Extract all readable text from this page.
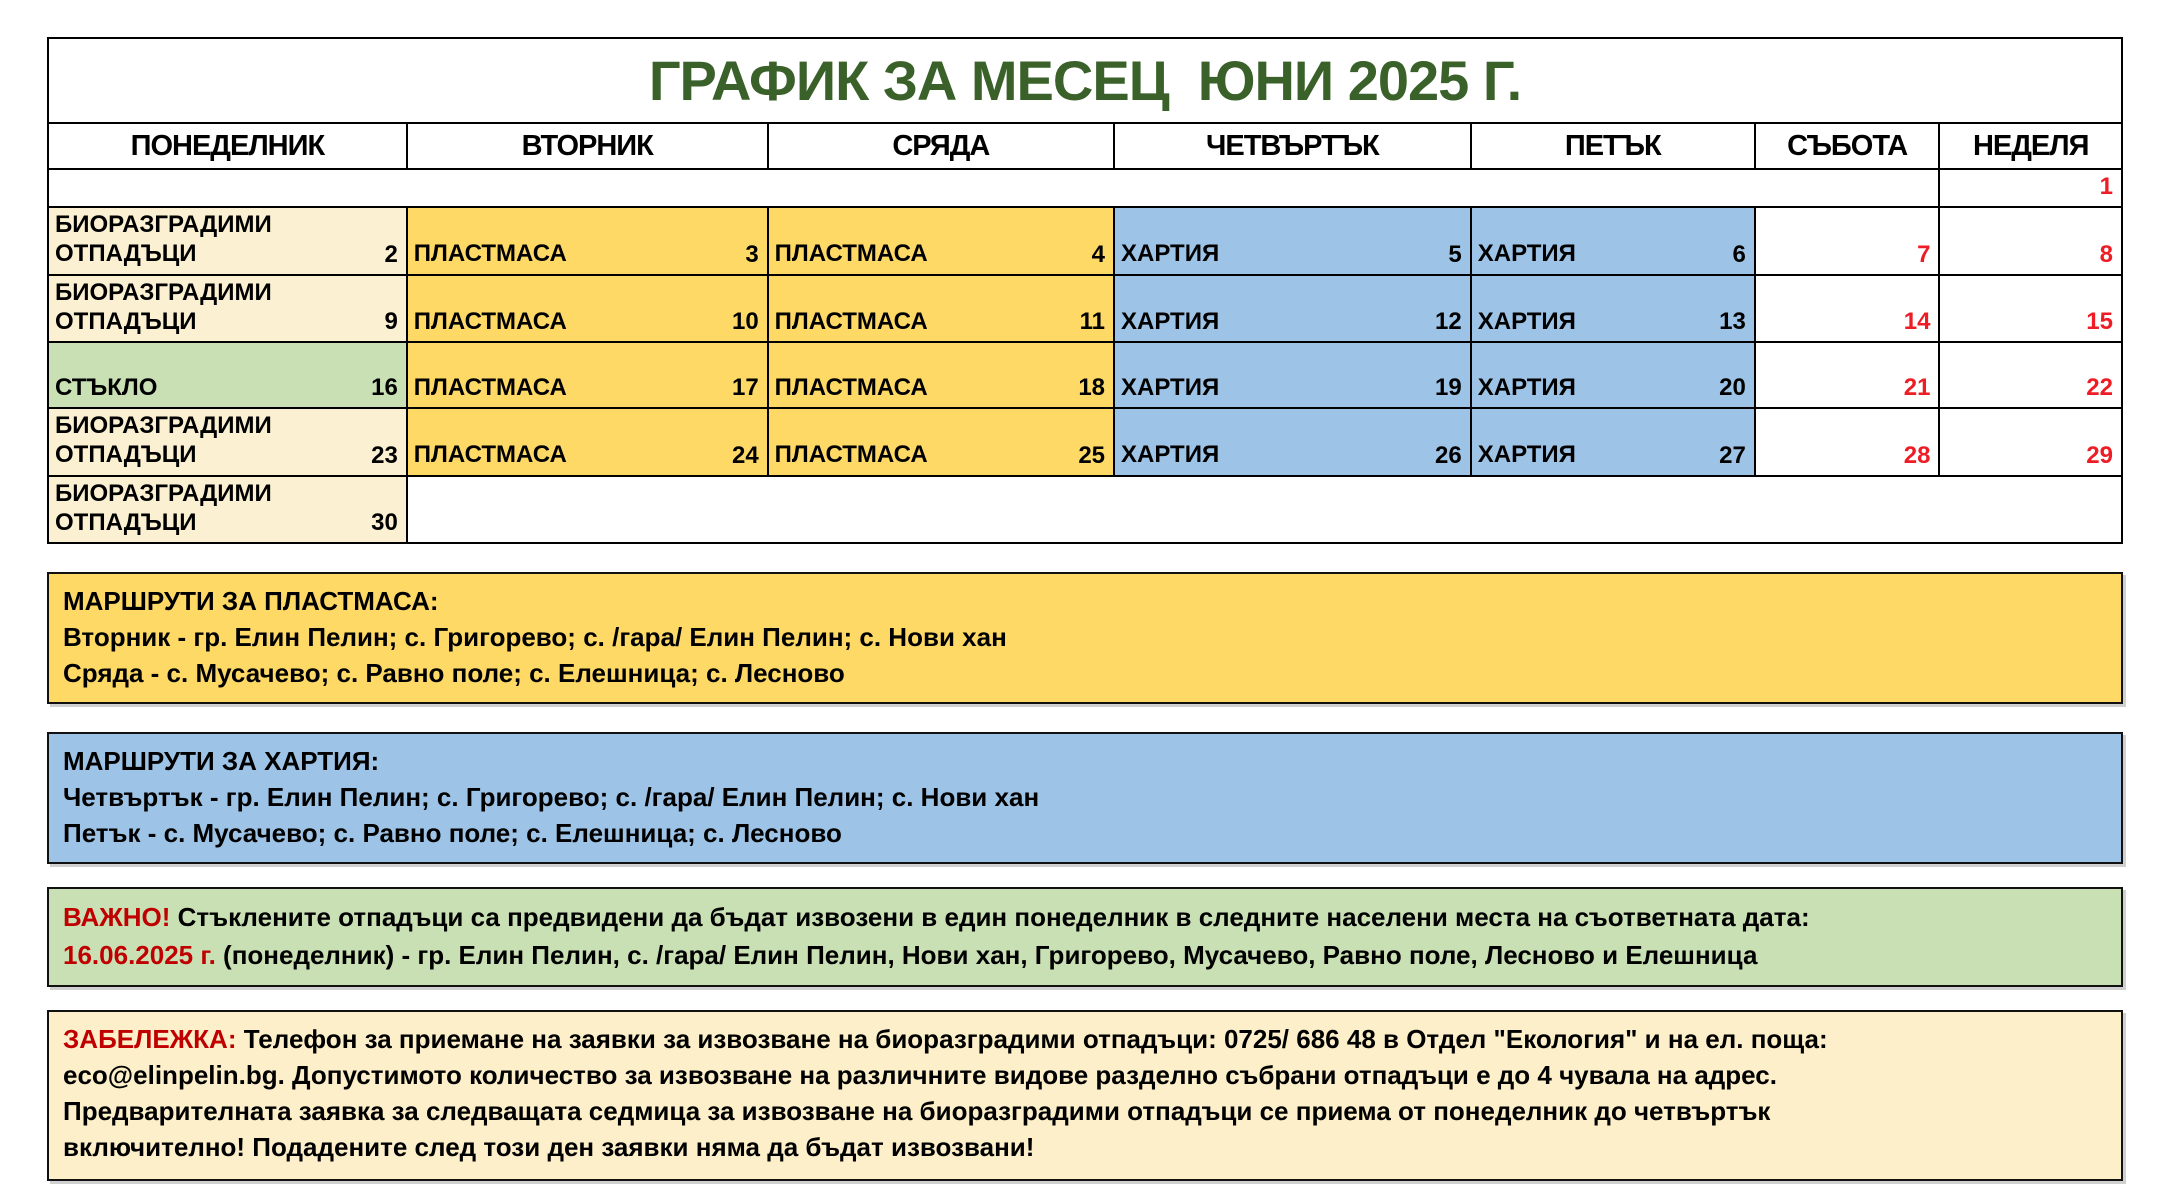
ГРАФИК ЗА МЕСЕЦ  ЮНИ 2025 Г.						
ПОНЕДЕЛНИК	ВТОРНИК	СРЯДА	ЧЕТВЪРТЪК	ПЕТЪК	СЪБОТА	НЕДЕЛЯ

						1

БИОРАЗГРАДИМИ ОТПАДЪЦИ 2	ПЛАСТМАСА 3	ПЛАСТМАСА 4	ХАРТИЯ 5	ХАРТИЯ 6	7	8

БИОРАЗГРАДИМИ ОТПАДЪЦИ 9	ПЛАСТМАСА 10	ПЛАСТМАСА 11	ХАРТИЯ 12	ХАРТИЯ 13	14	15

СТЪКЛО 16	ПЛАСТМАСА 17	ПЛАСТМАСА 18	ХАРТИЯ 19	ХАРТИЯ 20	21	22

БИОРАЗГРАДИМИ ОТПАДЪЦИ 23	ПЛАСТМАСА 24	ПЛАСТМАСА 25	ХАРТИЯ 26	ХАРТИЯ 27	28	29

БИОРАЗГРАДИМИ ОТПАДЪЦИ 30						

МАРШРУТИ ЗА ПЛАСТМАСА:
Вторник - гр. Елин Пелин; с. Григорево; с. /гара/ Елин Пелин; с. Нови хан
Сряда - с. Мусачево; с. Равно поле; с. Елешница; с. Лесново
МАРШРУТИ ЗА ХАРТИЯ:
Четвъртък - гр. Елин Пелин; с. Григорево; с. /гара/ Елин Пелин; с. Нови хан
Петък - с. Мусачево; с. Равно поле; с. Елешница; с. Лесново
ВАЖНО! Стъклените отпадъци са предвидени да бъдат извозени в един понеделник в следните населени места на съответната дата:
16.06.2025 г. (понеделник) - гр. Елин Пелин, с. /гара/ Елин Пелин, Нови хан, Григорево, Мусачево, Равно поле, Лесново и Елешница
ЗАБЕЛЕЖКА: Телефон за приемане на заявки за извозване на биоразградими отпадъци: 0725/ 686 48 в Отдел "Екология" и на ел. поща:
eco@elinpelin.bg. Допустимото количество за извозване на различните видове разделно събрани отпадъци е до 4 чувала на адрес.
Предварителната заявка за следващата седмица за извозване на биоразградими отпадъци се приема от понеделник до четвъртък
включително! Подадените след този ден заявки няма да бъдат извозвани!
